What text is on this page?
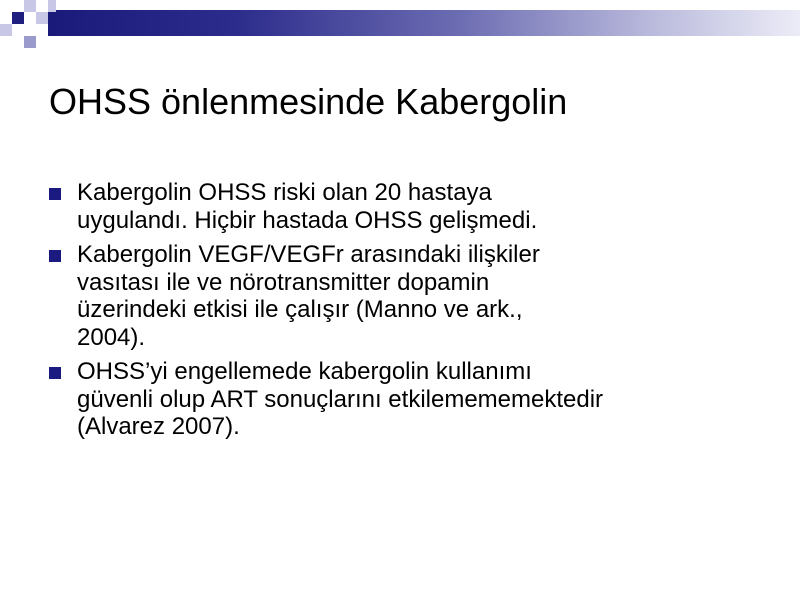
OHSS önlenmesinde Kabergolin
Kabergolin OHSS riski olan 20 hastaya
uygulandı. Hiçbir hastada OHSS gelişmedi.
Kabergolin VEGF/VEGFr arasındaki ilişkiler
vasıtası ile ve nörotransmitter dopamin
üzerindeki etkisi ile çalışır (Manno ve ark.,
2004).
OHSS’yi engellemede kabergolin kullanımı
güvenli olup ART sonuçlarını etkilemememektedir
(Alvarez 2007).
